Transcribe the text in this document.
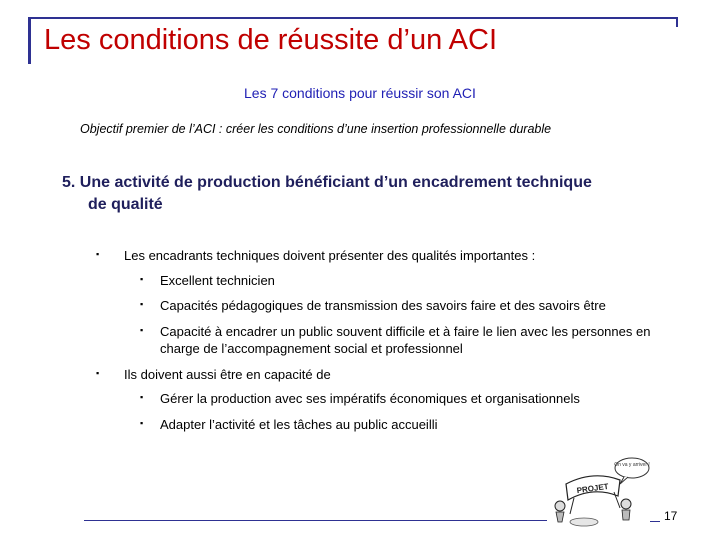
Les conditions de réussite d’un ACI
Les 7 conditions pour réussir son ACI
Objectif premier de l’ACI : créer les conditions d’une insertion professionnelle durable
5. Une activité de production bénéficiant d’un encadrement technique
de qualité
▪ Les encadrants techniques doivent présenter des qualités importantes :
▪ Excellent technicien
▪ Capacités pédagogiques de transmission des savoirs faire et des savoirs être
▪ Capacité à encadrer un public souvent difficile et à faire le lien avec les personnes en charge de l’accompagnement social et professionnel
▪ Ils doivent aussi être en capacité de
▪ Gérer la production avec ses impératifs économiques et organisationnels
▪ Adapter l’activité et les tâches au public accueilli
On va y arriver !
PROJET
17
